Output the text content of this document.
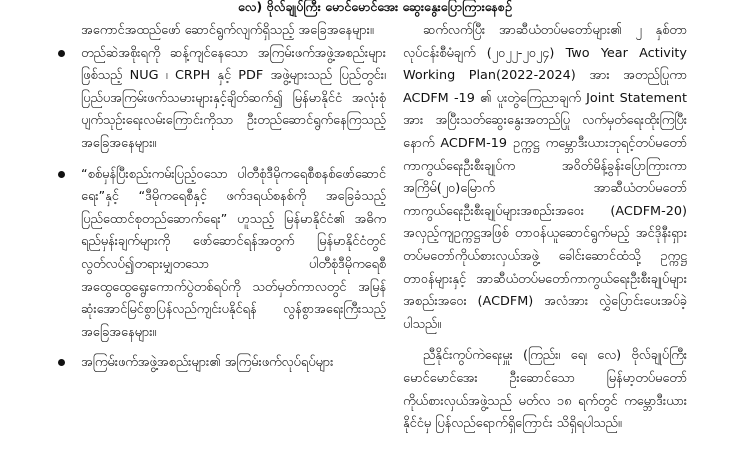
လေ) ဗိုလ်ချုပ်ကြီး မောင်မောင်အေး ဆွေးနွေးပြောကြားနေစဉ်

အကောင်အထည်ဖော် ဆောင်ရွက်လျက်ရှိသည့် အခြေအနေများ။

တည်ဆဲအစိုးရကို ဆန့်ကျင်နေသော အကြမ်းဖက်အဖွဲ့အစည်းများဖြစ်သည့် NUG ၊ CRPH နှင့် PDF အဖွဲ့များသည် ပြည်တွင်း၊ ပြည်ပအကြမ်းဖက်သမားများနှင့်ချိတ်ဆက်၍ မြန်မာနိုင်ငံ အလုံးစုံပျက်သုဉ်းရေးလမ်းကြောင်းကိုသာ ဦးတည်ဆောင်ရွက်နေကြသည့်အခြေအနေများ။
“စစ်မှန်ပြီးစည်းကမ်းပြည့်ဝသော ပါတီစုံဒီမိုကရေစီစနစ်ဖော်ဆောင်ရေး”နှင့် “ဒီမိုကရေစီနှင့် ဖက်ဒရယ်စနစ်ကို အခြေခံသည့် ပြည်ထောင်စုတည်ဆောက်ရေး” ဟူသည့် မြန်မာနိုင်ငံ၏ အဓိကရည်မှန်းချက်များကို ဖော်ဆောင်ရန်အတွက် မြန်မာနိုင်ငံတွင် လွတ်လပ်၍တရားမျှတသော ပါတီစုံဒီမိုကရေစီအထွေထွေရွေးကောက်ပွဲတစ်ရပ်ကို သတ်မှတ်ကာလတွင် အမြန်ဆုံးအောင်မြင်စွာပြန်လည်ကျင်းပနိုင်ရန် လွန်စွာအရေးကြီးသည့်အခြေအနေများ။
အကြမ်းဖက်အဖွဲ့အစည်းများ၏ အကြမ်းဖက်လုပ်ရပ်များ

ဆက်လက်ပြီး အာဆီယံတပ်မတော်များ၏ ၂ နှစ်တာလုပ်ငန်းစီမံချက် (၂၀၂၂-၂၀၂၄) Two Year Activity Working Plan(2022-2024) အား အတည်ပြုကာ ACDFM -19 ၏ ပူးတွဲကြေညာချက် Joint Statement အား အပြီးသတ်ဆွေးနွေးအတည်ပြု လက်မှတ်ရေးထိုးကြပြီးနောက် ACDFM-19 ဥက္ကဋ္ဌ ကမ္ဘောဒီးယားဘုရင့်တပ်မတော် ကာကွယ်ရေးဦးစီးချုပ်က အဝိတ်မိန့်ခွန်းပြောကြားကာ အကြိမ်(၂၀)မြောက် အာဆီယံတပ်မတော်ကာကွယ်ရေးဦးစီးချုပ်များအစည်းအဝေး (ACDFM-20) အလှည့်ကျဥက္ကဋ္ဌအဖြစ် တာဝန်ယူဆောင်ရွက်မည့် အင်ဒိုနီးရှားတပ်မတော်ကိုယ်စားလှယ်အဖွဲ့ ခေါင်းဆောင်ထံသို့ ဥက္ကဋ္ဌတာဝန်များနှင့် အာဆီယံတပ်မတော်ကာကွယ်ရေးဦးစီးချုပ်များအစည်းအဝေး (ACDFM) အလံအား လွှဲပြောင်းပေးအပ်ခဲ့ပါသည်။

ညီနိုင်းကွပ်ကဲရေးမှူး (ကြည်း၊ ရေ၊ လေ) ဗိုလ်ချုပ်ကြီး မောင်မောင်အေး ဦးဆောင်သော မြန်မာ့တပ်မတော်ကိုယ်စားလှယ်အဖွဲ့သည် မတ်လ ၁၈ ရက်တွင် ကမ္ဘောဒီးယားနိုင်ငံမှ ပြန်လည်ရောက်ရှိကြောင်း သိရှိရပါသည်။
